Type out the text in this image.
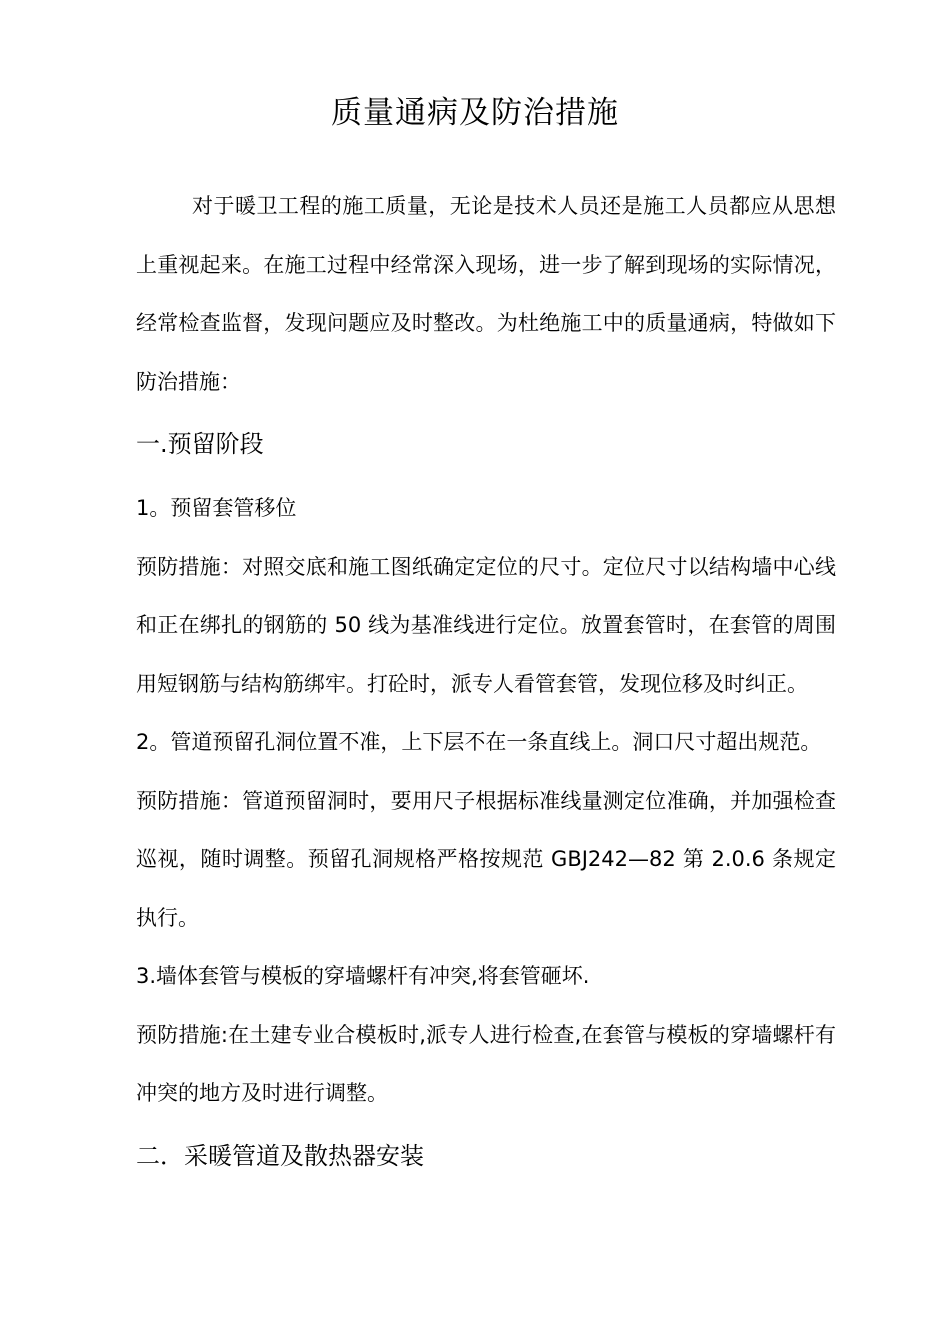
质量通病及防治措施

对于暖卫工程的施工质量，无论是技术人员还是施工人员都应从思想上重视起来。在施工过程中经常深入现场，进一步了解到现场的实际情况，经常检查监督，发现问题应及时整改。为杜绝施工中的质量通病，特做如下防治措施：

一.预留阶段

1。预留套管移位

预防措施：对照交底和施工图纸确定定位的尺寸。定位尺寸以结构墙中心线和正在绑扎的钢筋的 50 线为基准线进行定位。放置套管时，在套管的周围用短钢筋与结构筋绑牢。打砼时，派专人看管套管，发现位移及时纠正。

2。管道预留孔洞位置不准，上下层不在一条直线上。洞口尺寸超出规范。

预防措施：管道预留洞时，要用尺子根据标准线量测定位准确，并加强检查巡视，随时调整。预留孔洞规格严格按规范 GBJ242—82 第 2.0.6 条规定执行。

3.墙体套管与模板的穿墙螺杆有冲突,将套管砸坏.

预防措施:在土建专业合模板时,派专人进行检查,在套管与模板的穿墙螺杆有冲突的地方及时进行调整。

二．采暖管道及散热器安装
